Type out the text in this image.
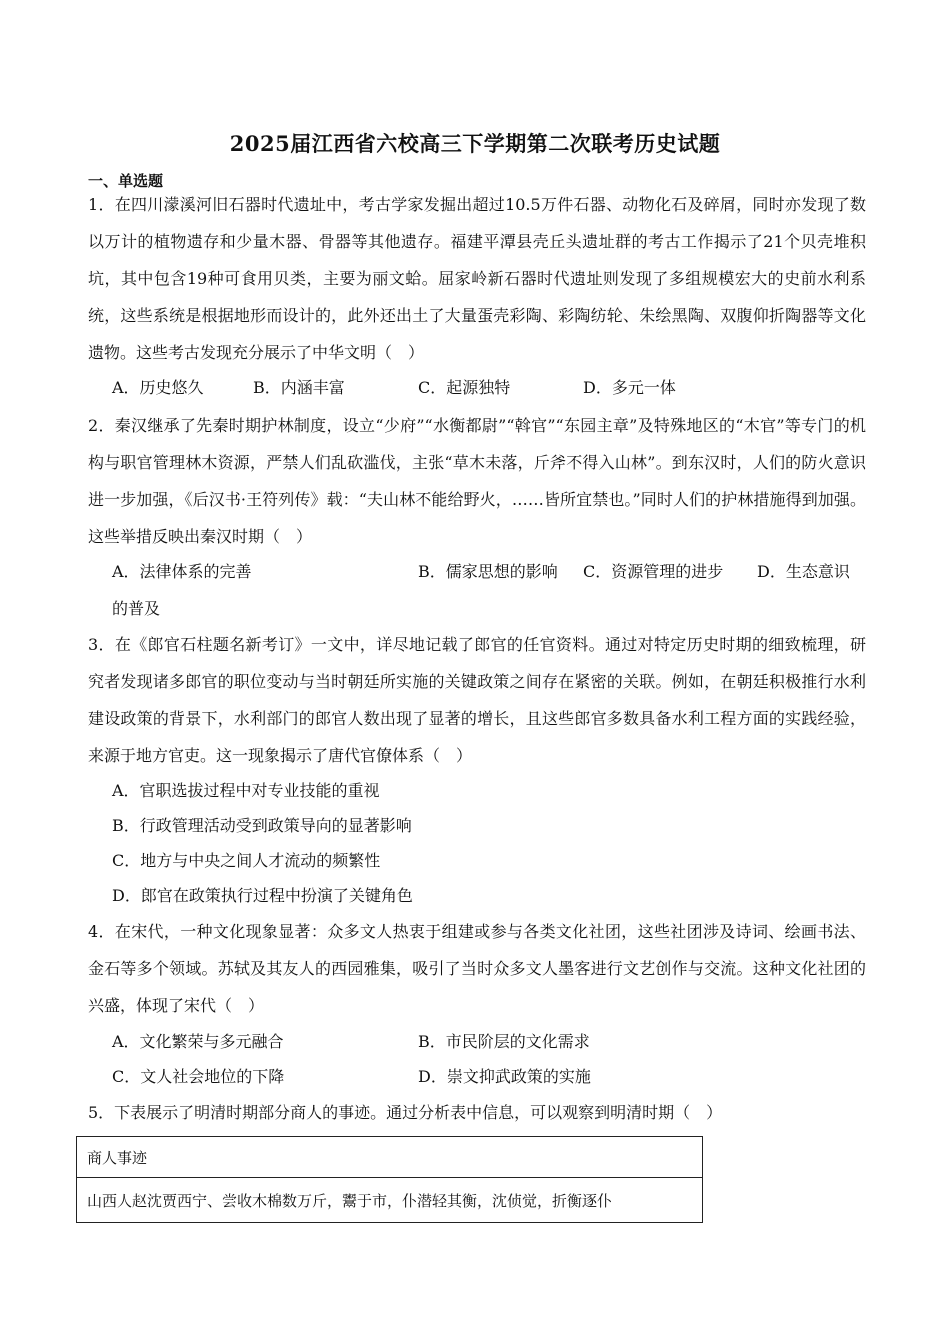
2025届江西省六校高三下学期第二次联考历史试题
一、单选题
1．在四川濛溪河旧石器时代遗址中，考古学家发掘出超过10.5万件石器、动物化石及碎屑，同时亦发现了数以万计的植物遗存和少量木器、骨器等其他遗存。福建平潭县壳丘头遗址群的考古工作揭示了21个贝壳堆积坑，其中包含19种可食用贝类，主要为丽文蛤。屈家岭新石器时代遗址则发现了多组规模宏大的史前水利系统，这些系统是根据地形而设计的，此外还出土了大量蛋壳彩陶、彩陶纺轮、朱绘黑陶、双腹仰折陶器等文化遗物。这些考古发现充分展示了中华文明（　）
A．历史悠久	B．内涵丰富	C．起源独特	D．多元一体
2．秦汉继承了先秦时期护林制度，设立“少府”“水衡都尉”“斡官”“东园主章”及特殊地区的“木官”等专门的机构与职官管理林木资源，严禁人们乱砍滥伐，主张“草木未落，斤斧不得入山林”。到东汉时，人们的防火意识进一步加强，《后汉书·王符列传》载：“夫山林不能给野火，……皆所宜禁也。”同时人们的护林措施得到加强。这些举措反映出秦汉时期（　）
A．法律体系的完善	B．儒家思想的影响 C．资源管理的进步 D．生态意识
的普及
3．在《郎官石柱题名新考订》一文中，详尽地记载了郎官的任官资料。通过对特定历史时期的细致梳理，研究者发现诸多郎官的职位变动与当时朝廷所实施的关键政策之间存在紧密的关联。例如，在朝廷积极推行水利建设政策的背景下，水利部门的郎官人数出现了显著的增长，且这些郎官多数具备水利工程方面的实践经验，来源于地方官吏。这一现象揭示了唐代官僚体系（　）
A．官职选拔过程中对专业技能的重视
B．行政管理活动受到政策导向的显著影响
C．地方与中央之间人才流动的频繁性
D．郎官在政策执行过程中扮演了关键角色
4．在宋代，一种文化现象显著：众多文人热衷于组建或参与各类文化社团，这些社团涉及诗词、绘画书法、金石等多个领域。苏轼及其友人的西园雅集，吸引了当时众多文人墨客进行文艺创作与交流。这种文化社团的兴盛，体现了宋代（　）
A．文化繁荣与多元融合	B．市民阶层的文化需求
C．文人社会地位的下降	D．崇文抑武政策的实施
5．下表展示了明清时期部分商人的事迹。通过分析表中信息，可以观察到明清时期（　）
商人事迹
山西人赵沈贾西宁、尝收木棉数万斤，鬻于市，仆潜轻其衡，沈侦觉，折衡逐仆
